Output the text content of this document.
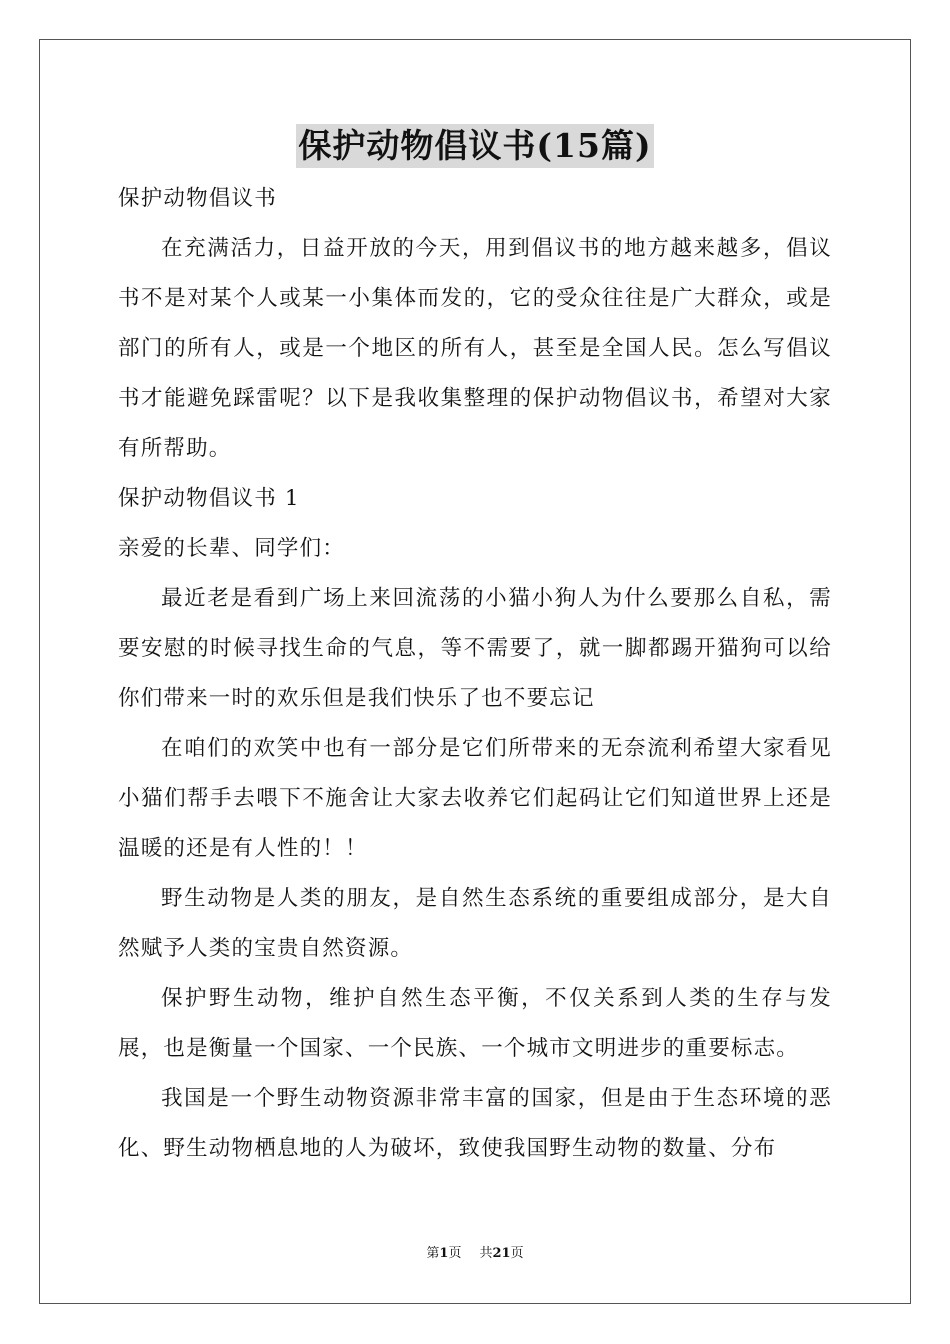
保护动物倡议书(15篇)

保护动物倡议书

在充满活力，日益开放的今天，用到倡议书的地方越来越多，倡议书不是对某个人或某一小集体而发的，它的受众往往是广大群众，或是部门的所有人，或是一个地区的所有人，甚至是全国人民。怎么写倡议书才能避免踩雷呢？以下是我收集整理的保护动物倡议书，希望对大家有所帮助。

保护动物倡议书 1

亲爱的长辈、同学们：

最近老是看到广场上来回流荡的小猫小狗人为什么要那么自私，需要安慰的时候寻找生命的气息，等不需要了，就一脚都踢开猫狗可以给你们带来一时的欢乐但是我们快乐了也不要忘记

在咱们的欢笑中也有一部分是它们所带来的无奈流利希望大家看见小猫们帮手去喂下不施舍让大家去收养它们起码让它们知道世界上还是温暖的还是有人性的！！

野生动物是人类的朋友，是自然生态系统的重要组成部分，是大自然赋予人类的宝贵自然资源。

保护野生动物，维护自然生态平衡，不仅关系到人类的生存与发展，也是衡量一个国家、一个民族、一个城市文明进步的重要标志。

我国是一个野生动物资源非常丰富的国家，但是由于生态环境的恶化、野生动物栖息地的人为破坏，致使我国野生动物的数量、分布

第1页 共21页
